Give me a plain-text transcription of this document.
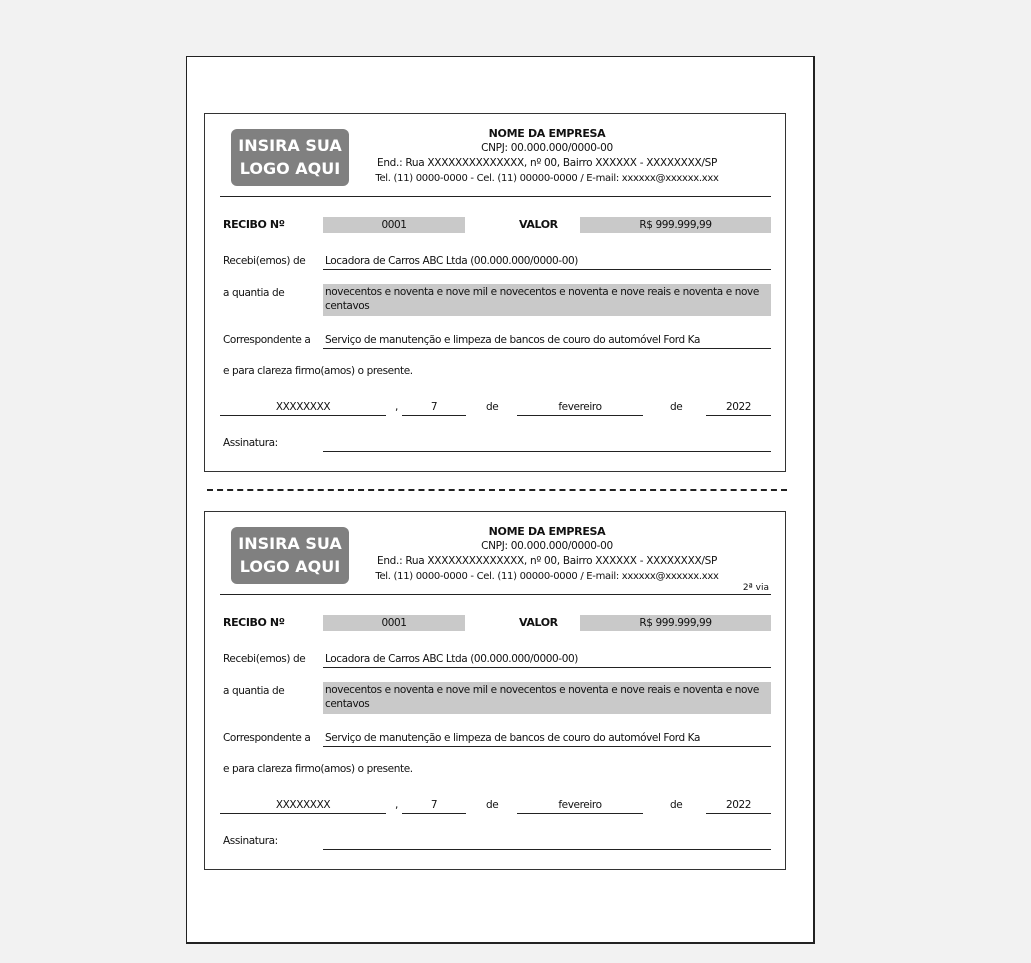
INSIRA SUA
LOGO AQUI
NOME DA EMPRESA
CNPJ: 00.000.000/0000-00
End.: Rua XXXXXXXXXXXXXX, nº 00, Bairro XXXXXX - XXXXXXXX/SP
Tel. (11) 0000-0000 - Cel. (11) 00000-0000 / E-mail: xxxxxx@xxxxxx.xxx
RECIBO Nº	0001	VALOR	R$ 999.999,99
Recebi(emos) de Locadora de Carros ABC Ltda (00.000.000/0000-00)
a quantia de	novecentos e noventa e nove mil e novecentos e noventa e nove reais e noventa e nove centavos
Correspondente a Serviço de manutenção e limpeza de bancos de couro do automóvel Ford Ka
e para clareza firmo(amos) o presente.
XXXXXXXX	,	7	de	fevereiro	de	2022
Assinatura:
INSIRA SUA
LOGO AQUI
NOME DA EMPRESA
CNPJ: 00.000.000/0000-00
End.: Rua XXXXXXXXXXXXXX, nº 00, Bairro XXXXXX - XXXXXXXX/SP
Tel. (11) 0000-0000 - Cel. (11) 00000-0000 / E-mail: xxxxxx@xxxxxx.xxx
2ª via
RECIBO Nº	0001	VALOR	R$ 999.999,99
Recebi(emos) de Locadora de Carros ABC Ltda (00.000.000/0000-00)
a quantia de	novecentos e noventa e nove mil e novecentos e noventa e nove reais e noventa e nove centavos
Correspondente a Serviço de manutenção e limpeza de bancos de couro do automóvel Ford Ka
e para clareza firmo(amos) o presente.
XXXXXXXX	,	7	de	fevereiro	de	2022
Assinatura:
